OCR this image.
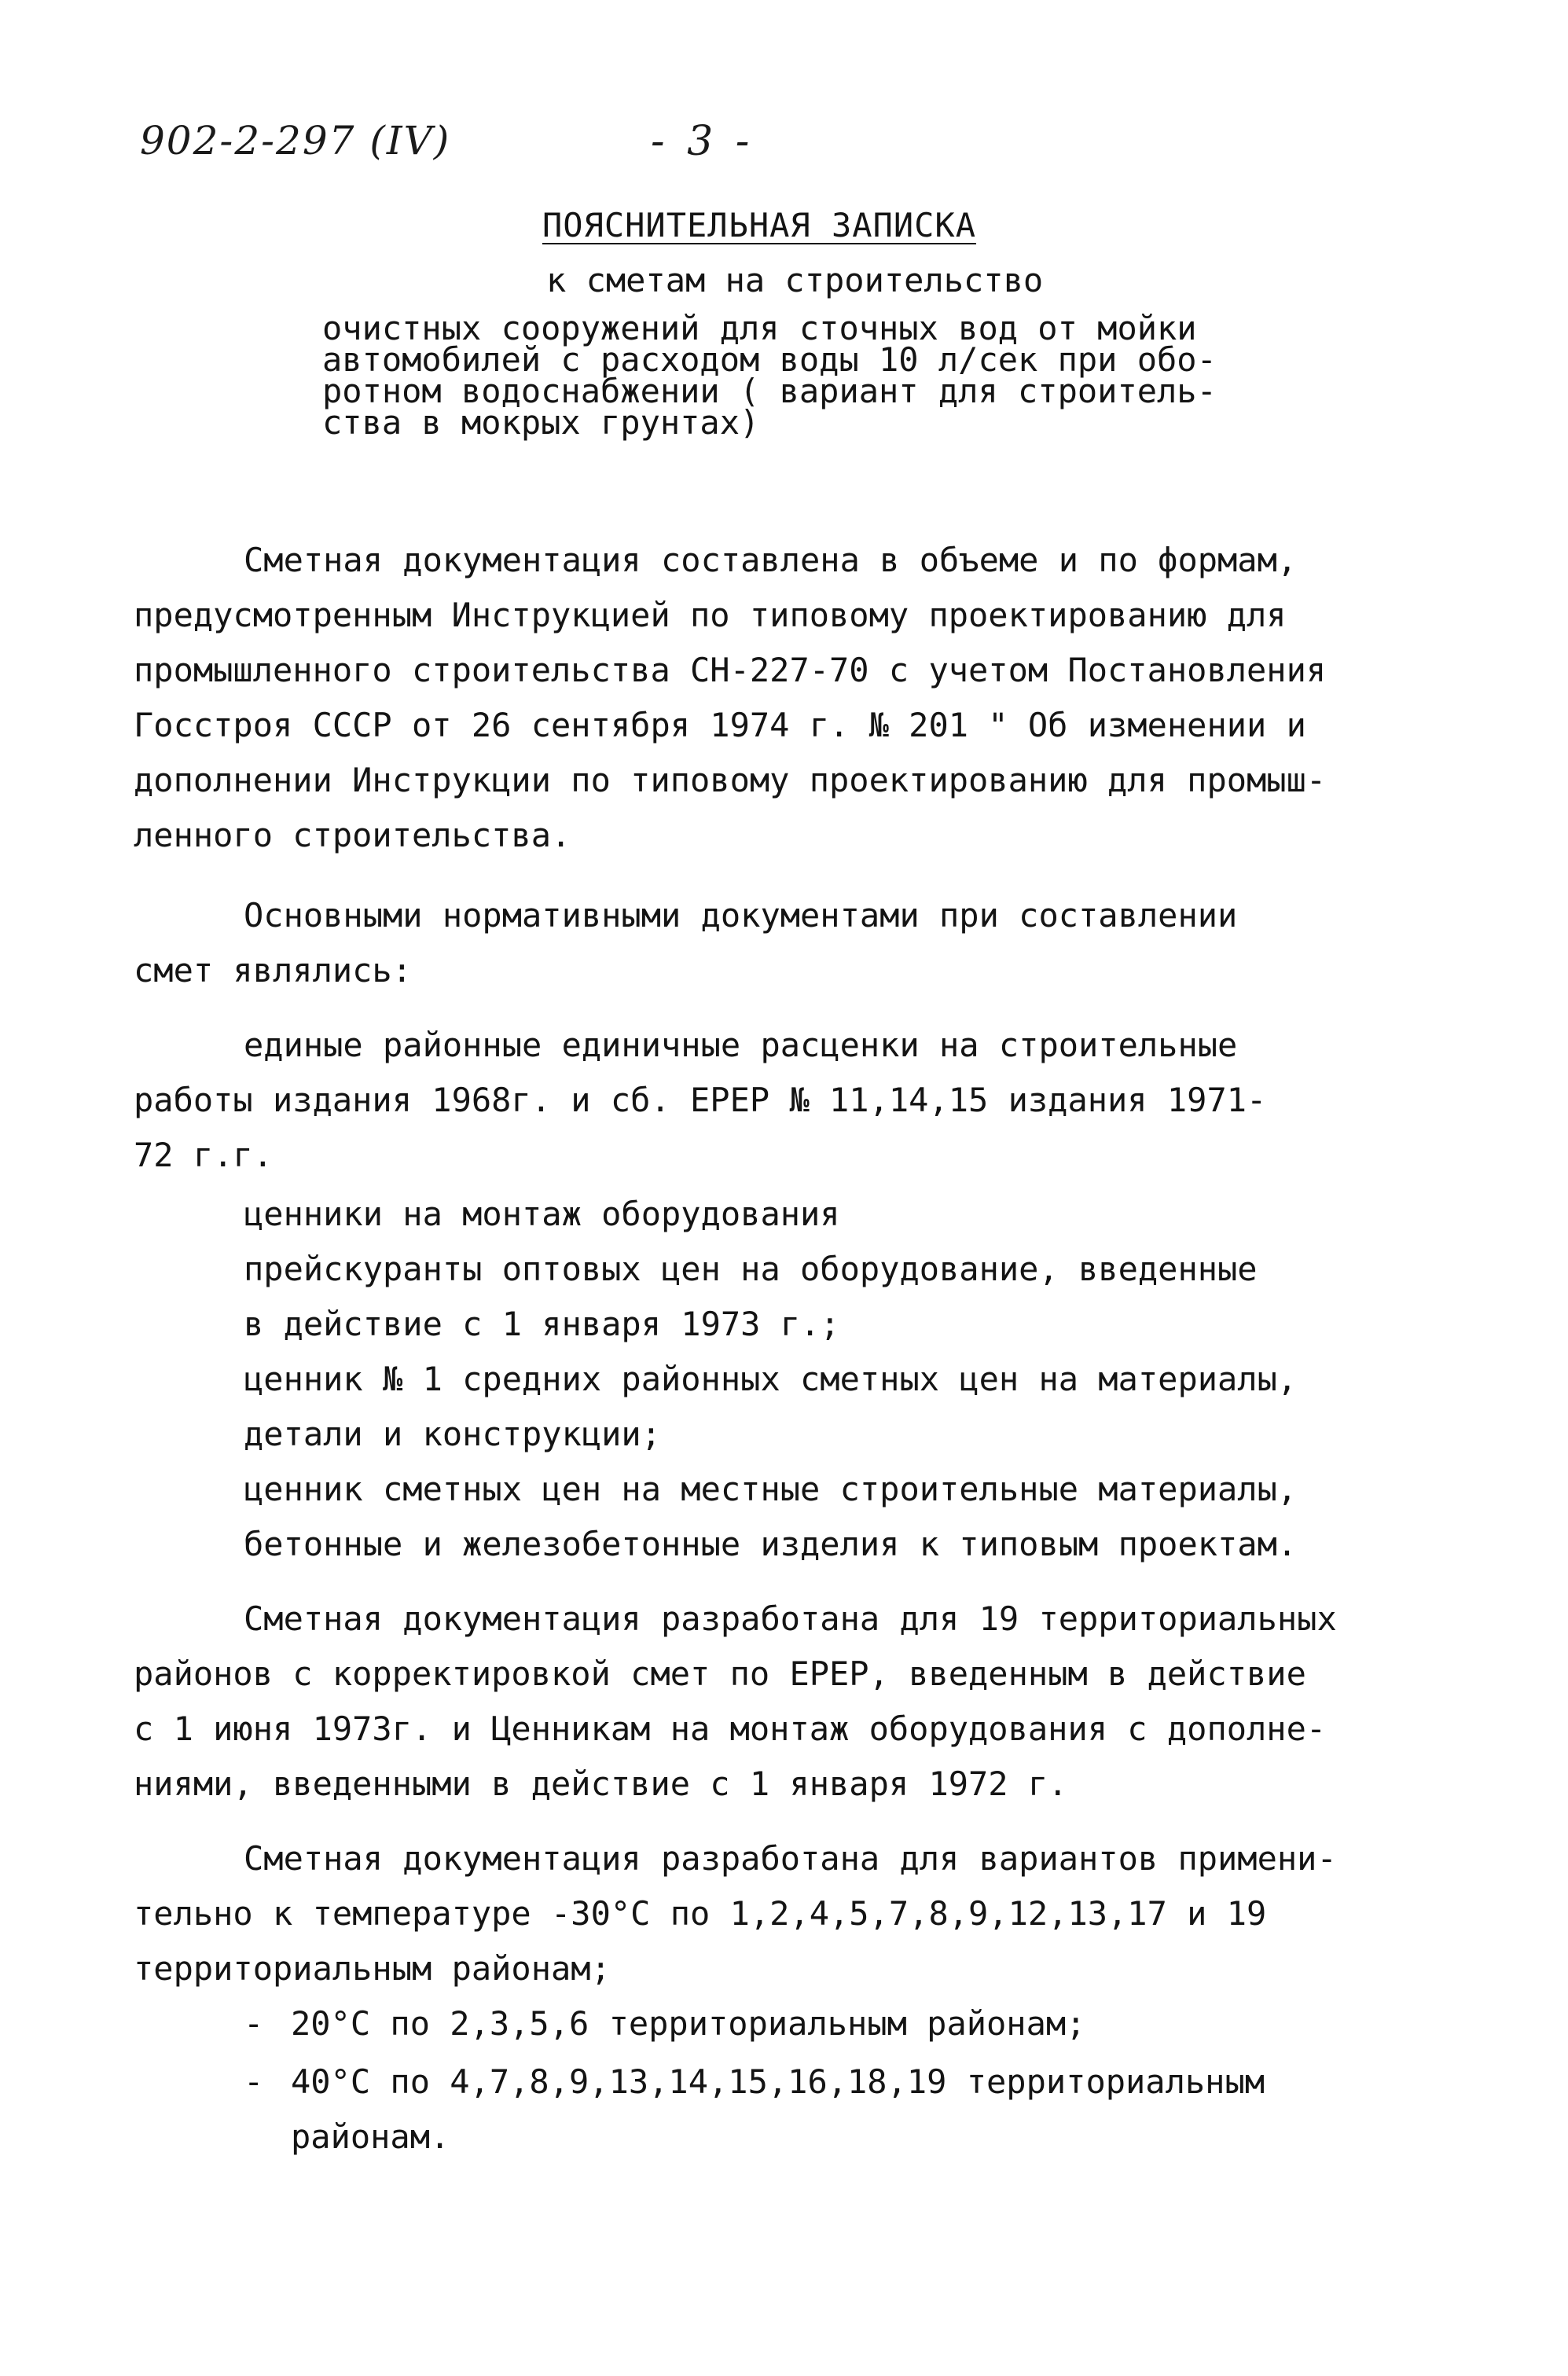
902-2-297 (IV)	- 3 -
ПОЯСНИТЕЛЬНАЯ ЗАПИСКА
к сметам на строительство
очистных сооружений для сточных вод от мойки
автомобилей с расходом воды 10 л/сек при обо-
ротном водоснабжении ( вариант для строитель-
ства в мокрых грунтах)
Сметная документация составлена в объеме и по формам,
предусмотренным Инструкцией по типовому проектированию для
промышленного строительства СН-227-70 с учетом Постановления
Госстроя СССР от 26 сентября 1974 г. № 201 " Об изменении и
дополнении Инструкции по типовому проектированию для промыш-
ленного строительства.
Основными нормативными документами при составлении
смет являлись:
единые районные единичные расценки на строительные
работы издания 1968г. и сб. ЕРЕР № 11,14,15 издания 1971-
72 г.г.
ценники на монтаж оборудования
прейскуранты оптовых цен на оборудование, введенные
в действие с 1 января 1973 г.;
ценник № 1 средних районных сметных цен на материалы,
детали и конструкции;
ценник сметных цен на местные строительные материалы,
бетонные и железобетонные изделия к типовым проектам.
Сметная документация разработана для 19 территориальных
районов с корректировкой смет по ЕРЕР, введенным в действие
с 1 июня 1973г. и Ценникам на монтаж оборудования с дополне-
ниями, введенными в действие с 1 января 1972 г.
Сметная документация разработана для вариантов примени-
тельно к температуре -30°С по 1,2,4,5,7,8,9,12,13,17 и 19
территориальным районам;
- 20°С по 2,3,5,6 территориальным районам;
- 40°С по 4,7,8,9,13,14,15,16,18,19 территориальным
районам.
